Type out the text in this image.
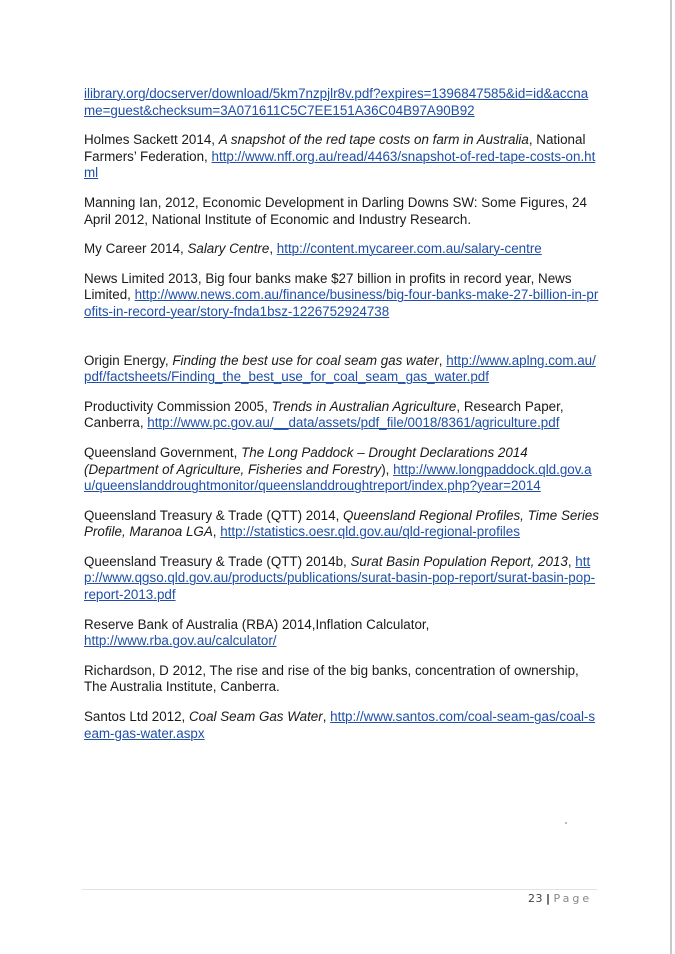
ilibrary.org/docserver/download/5km7nzpjlr8v.pdf?expires=1396847585&id=id&accname=guest&checksum=3A071611C5C7EE151A36C04B97A90B92

Holmes Sackett 2014, A snapshot of the red tape costs on farm in Australia, National Farmers’ Federation, http://www.nff.org.au/read/4463/snapshot-of-red-tape-costs-on.html

Manning Ian, 2012, Economic Development in Darling Downs SW: Some Figures, 24 April 2012, National Institute of Economic and Industry Research.

My Career 2014, Salary Centre, http://content.mycareer.com.au/salary-centre

News Limited 2013, Big four banks make $27 billion in profits in record year, News Limited, http://www.news.com.au/finance/business/big-four-banks-make-27-billion-in-profits-in-record-year/story-fnda1bsz-1226752924738

Origin Energy, Finding the best use for coal seam gas water, http://www.aplng.com.au/pdf/factsheets/Finding_the_best_use_for_coal_seam_gas_water.pdf

Productivity Commission 2005, Trends in Australian Agriculture, Research Paper, Canberra, http://www.pc.gov.au/__data/assets/pdf_file/0018/8361/agriculture.pdf

Queensland Government, The Long Paddock – Drought Declarations 2014 (Department of Agriculture, Fisheries and Forestry), http://www.longpaddock.qld.gov.au/queenslanddroughtmonitor/queenslanddroughtreport/index.php?year=2014

Queensland Treasury & Trade (QTT) 2014, Queensland Regional Profiles, Time Series Profile, Maranoa LGA, http://statistics.oesr.qld.gov.au/qld-regional-profiles

Queensland Treasury & Trade (QTT) 2014b, Surat Basin Population Report, 2013, http://www.qgso.qld.gov.au/products/publications/surat-basin-pop-report/surat-basin-pop-report-2013.pdf

Reserve Bank of Australia (RBA) 2014,Inflation Calculator,
http://www.rba.gov.au/calculator/

Richardson, D 2012, The rise and rise of the big banks, concentration of ownership, The Australia Institute, Canberra.

Santos Ltd 2012, Coal Seam Gas Water, http://www.santos.com/coal-seam-gas/coal-seam-gas-water.aspx

23 | Page
